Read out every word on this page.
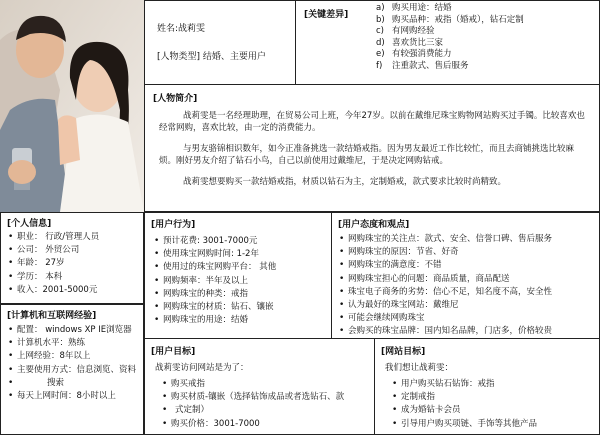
姓名:战莉雯
[人物类型] 结婚、主要用户
[关键差异]
a) 购买用途：结婚
b) 购买品种：戒指（婚戒），钻石定制
c) 有网购经验
d) 喜欢货比三家
e) 有较强消费能力
f) 注重款式、售后服务
[人物简介]

战莉雯是一名经理助理，在贸易公司上班，今年27岁。以前在戴维尼珠宝购物网站购买过手镯。比较喜欢也经常网购，喜欢比较，由一定的消费能力。

与男友骆锦相识数年，如今正准备挑选一款结婚戒指。因为男友最近工作比较忙，而且去商铺挑选比较麻烦。刚好男友介绍了钻石小鸟，自己以前使用过戴维尼，于是决定网购钻戒。

战莉雯想要购买一款结婚戒指，材质以钻石为主，定制婚戒，款式要求比较时尚精致。

[个人信息]
• 职业： 行政/管理人员
• 公司： 外贸公司
• 年龄： 27岁
• 学历： 本科
• 收入：2001-5000元
[计算机和互联网经验]
• 配置： windows XP IE浏览器
• 计算机水平：熟练
• 上网经验：8年以上
• 主要使用方式：信息浏览、资料
• 搜索
• 每天上网时间：8小时以上
[用户行为]
• 预计花费: 3001-7000元
• 使用珠宝网购时间: 1-2年
• 使用过的珠宝网购平台： 其他
• 网购频率：半年及以上
• 网购珠宝的种类：戒指
• 网购珠宝的材质：钻石、镶嵌
• 网购珠宝的用途：结婚
[用户态度和观点]
• 网购珠宝的关注点：款式、安全、信誉口碑、售后服务
• 网购珠宝的原因：节省、好奇
• 网购珠宝的满意度：不错
• 网购珠宝担心的问题：商品质量，商品配送
• 珠宝电子商务的劣势：信心不足，知名度不高，安全性
• 认为最好的珠宝网站：戴维尼
• 可能会继续网购珠宝
• 会购买的珠宝品牌：国内知名品牌，门店多，价格较贵
[用户目标]
战莉雯访问网站是为了：
• 购买戒指
• 购买材质-镶嵌（选择钻饰成品或者选钻石、款
• 式定制）
• 购买价格：3001-7000
[网站目标]
我们想让战莉雯：
• 用户购买钻石钻饰：戒指
• 定制戒指
• 成为婚钻卡会员
• 引导用户购买项链、手饰等其他产品
